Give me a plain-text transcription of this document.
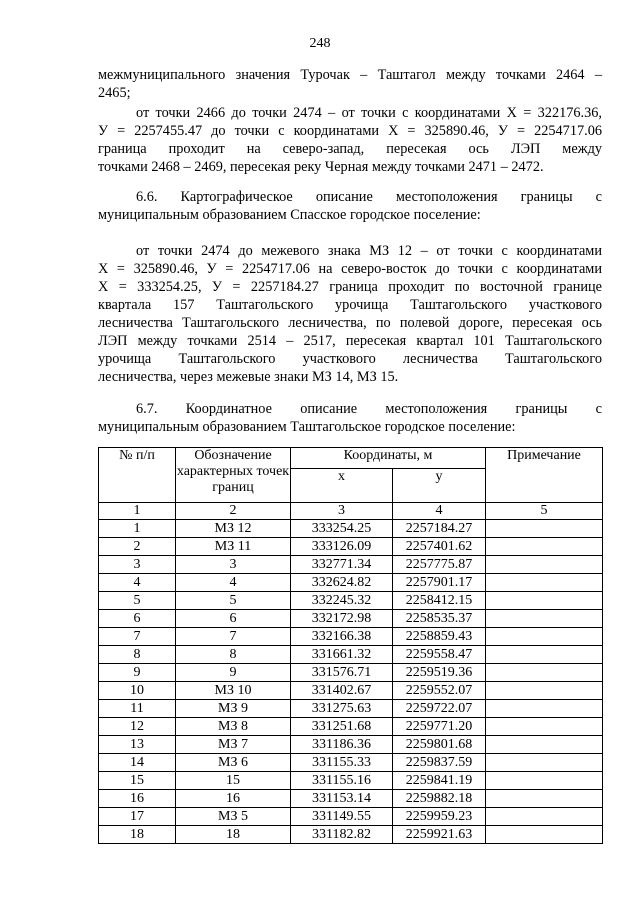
248
межмуниципального значения Турочак – Таштагол между точками 2464 –
2465;
от точки 2466 до точки 2474 – от точки с координатами Х = 322176.36,
У = 2257455.47 до точки с координатами Х = 325890.46, У = 2254717.06
граница проходит на северо-запад, пересекая ось ЛЭП между
точками 2468 – 2469, пересекая реку Черная между точками 2471 – 2472.
6.6. Картографическое описание местоположения границы с
муниципальным образованием Спасское городское поселение:
от точки 2474 до межевого знака МЗ 12 – от точки с координатами
Х = 325890.46, У = 2254717.06 на северо-восток до точки с координатами
Х = 333254.25, У = 2257184.27 граница проходит по восточной границе
квартала 157 Таштагольского урочища Таштагольского участкового
лесничества Таштагольского лесничества, по полевой дороге, пересекая ось
ЛЭП между точками 2514 – 2517, пересекая квартал 101 Таштагольского
урочища Таштагольского участкового лесничества Таштагольского
лесничества, через межевые знаки МЗ 14, МЗ 15.
6.7. Координатное описание местоположения границы с
муниципальным образованием Таштагольское городское поселение:
№ п/п	Обозначение характерных точек границ	Координаты, м		Примечание
		x	y	
1	2	3	4	5
1	МЗ 12	333254.25	2257184.27	
2	МЗ 11	333126.09	2257401.62	
3	3	332771.34	2257775.87	
4	4	332624.82	2257901.17	
5	5	332245.32	2258412.15	
6	6	332172.98	2258535.37	
7	7	332166.38	2258859.43	
8	8	331661.32	2259558.47	
9	9	331576.71	2259519.36	
10	МЗ 10	331402.67	2259552.07	
11	МЗ 9	331275.63	2259722.07	
12	МЗ 8	331251.68	2259771.20	
13	МЗ 7	331186.36	2259801.68	
14	МЗ 6	331155.33	2259837.59	
15	15	331155.16	2259841.19	
16	16	331153.14	2259882.18	
17	МЗ 5	331149.55	2259959.23	
18	18	331182.82	2259921.63	
